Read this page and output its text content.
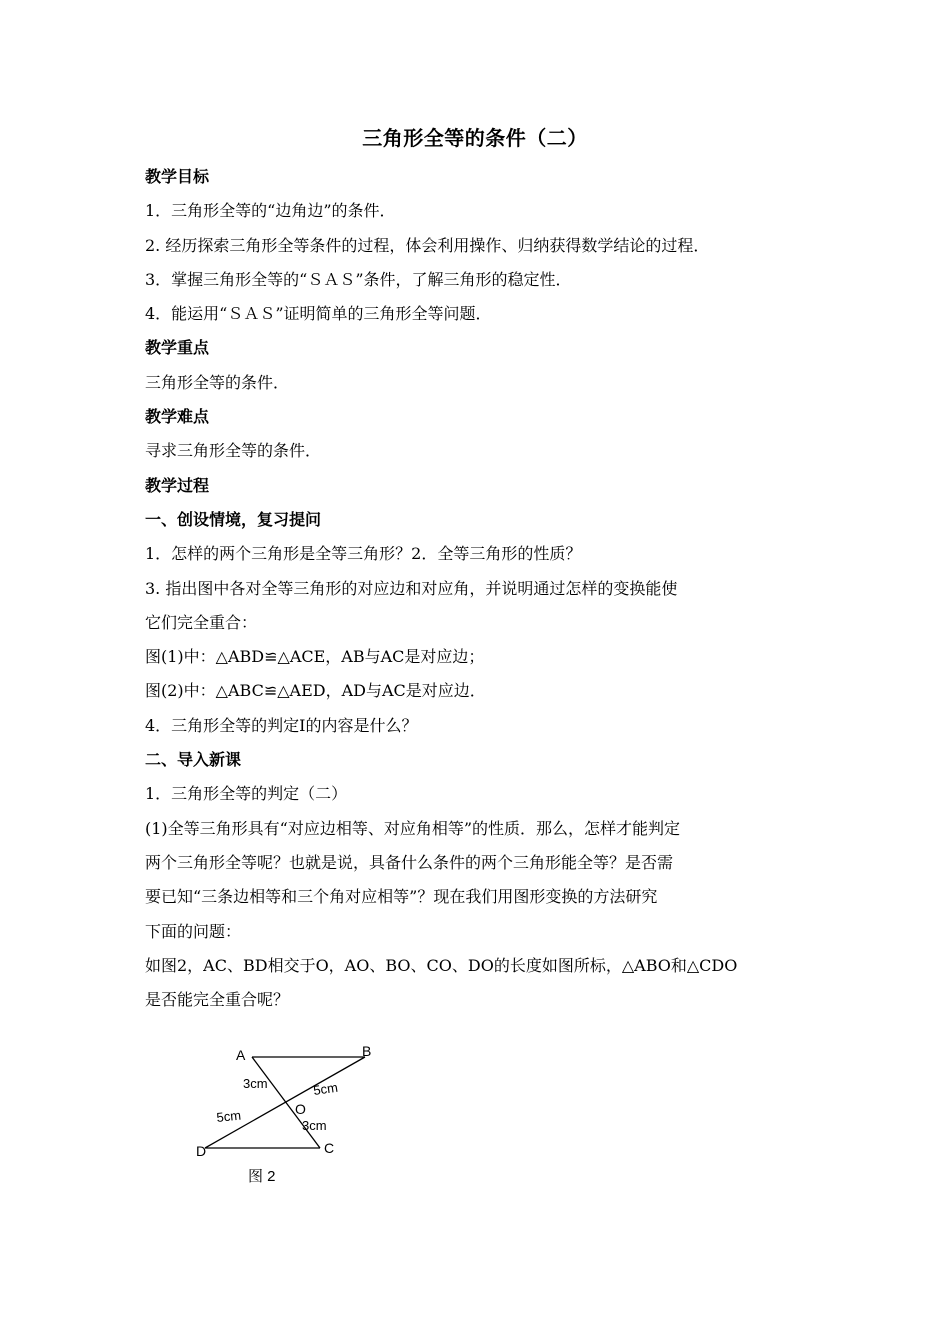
三角形全等的条件（二）
教学目标
1．三角形全等的“边角边”的条件．
2. 经历探索三角形全等条件的过程，体会利用操作、归纳获得数学结论的过程．
3．掌握三角形全等的“ＳＡＳ”条件，了解三角形的稳定性．
4．能运用“ＳＡＳ”证明简单的三角形全等问题．
教学重点
三角形全等的条件．
教学难点
寻求三角形全等的条件．
教学过程
一、创设情境，复习提问
1．怎样的两个三角形是全等三角形？2．全等三角形的性质？
3. 指出图中各对全等三角形的对应边和对应角，并说明通过怎样的变换能使
它们完全重合：
图(1)中：△ABD≌△ACE，AB与AC是对应边；
图(2)中：△ABC≌△AED，AD与AC是对应边．
4．三角形全等的判定Ⅰ的内容是什么？
二、导入新课
1．三角形全等的判定（二）
(1)全等三角形具有“对应边相等、对应角相等”的性质．那么，怎样才能判定
两个三角形全等呢？也就是说，具备什么条件的两个三角形能全等？是否需
要已知“三条边相等和三个角对应相等”？现在我们用图形变换的方法研究
下面的问题：
如图2，AC、BD相交于O，AO、BO、CO、DO的长度如图所标，△ABO和△CDO
是否能完全重合呢？
A	B
C
D
O
3cm	5cm
5cm
3cm
图 2
